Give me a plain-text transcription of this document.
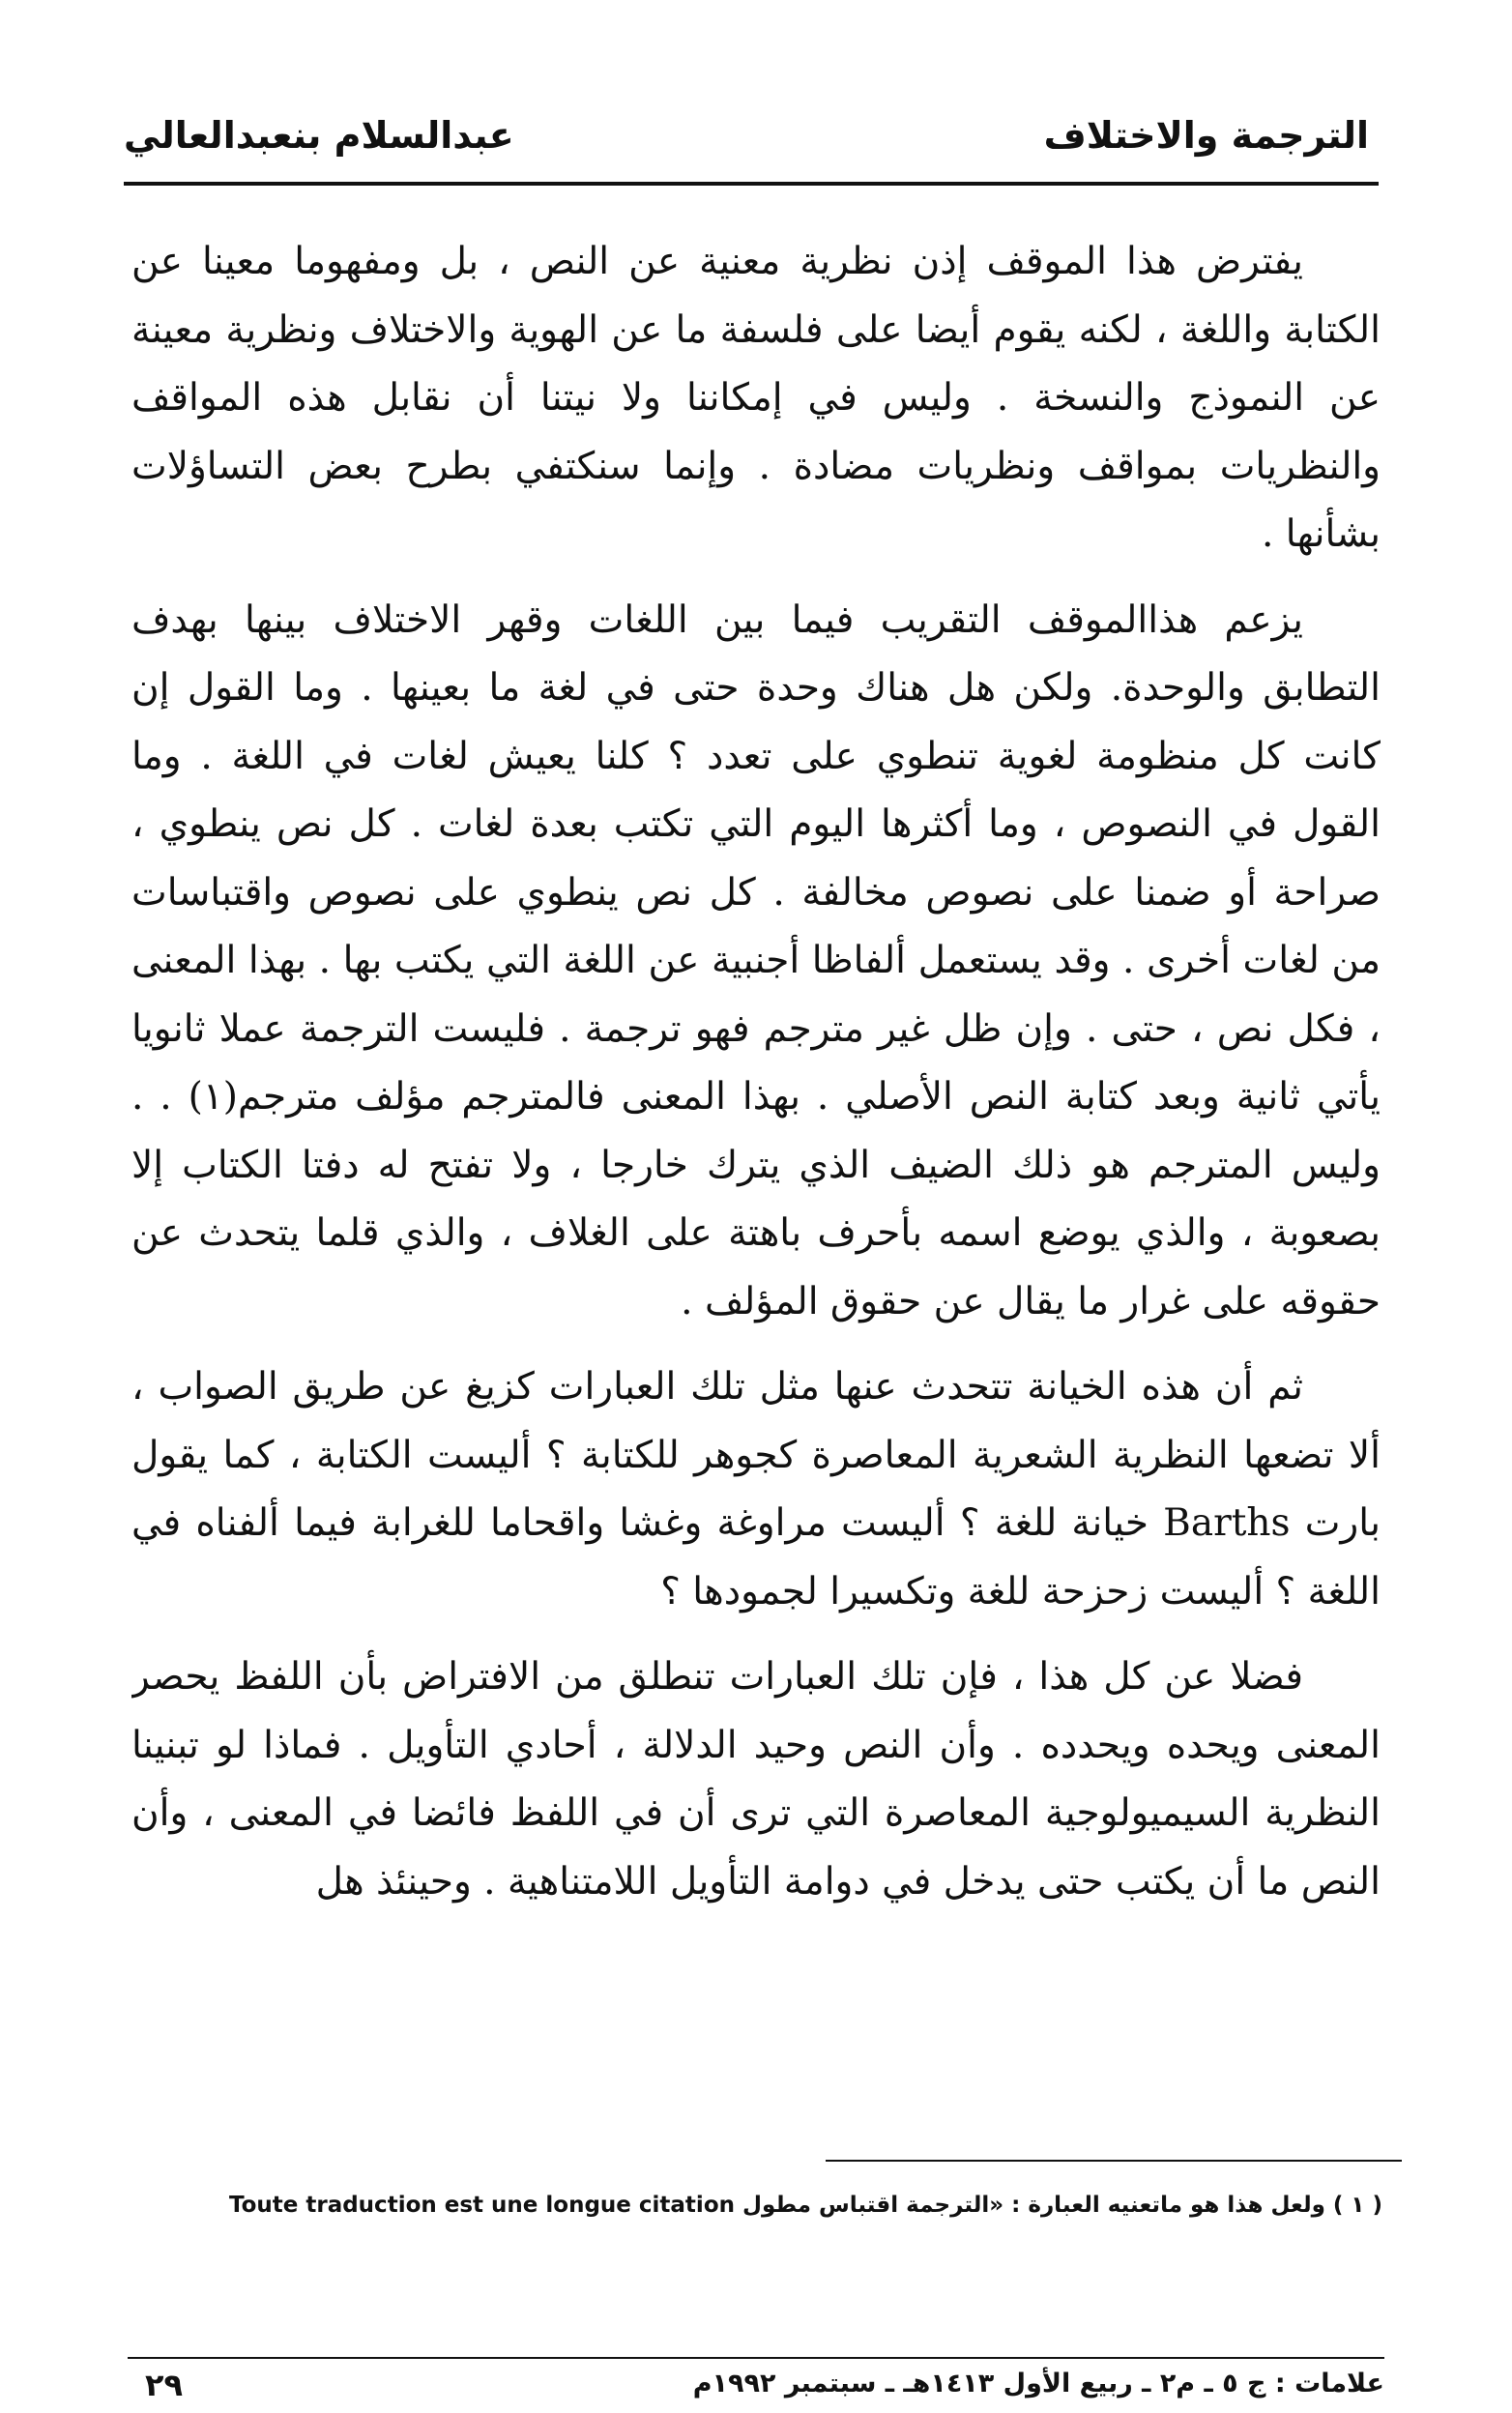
الترجمة والاختلاف
عبدالسلام بنعبدالعالي

يفترض هذا الموقف إذن نظرية معنية عن النص ، بل ومفهوما معينا عن الكتابة واللغة ، لكنه يقوم أيضا على فلسفة ما عن الهوية والاختلاف ونظرية معينة عن النموذج والنسخة . وليس في إمكاننا ولا نيتنا أن نقابل هذه المواقف والنظريات بمواقف ونظريات مضادة . وإنما سنكتفي بطرح بعض التساؤلات بشأنها .

يزعم هذاالموقف التقريب فيما بين اللغات وقهر الاختلاف بينها بهدف التطابق والوحدة. ولكن هل هناك وحدة حتى في لغة ما بعينها . وما القول إن كانت كل منظومة لغوية تنطوي على تعدد ؟ كلنا يعيش لغات في اللغة . وما القول في النصوص ، وما أكثرها اليوم التي تكتب بعدة لغات . كل نص ينطوي ، صراحة أو ضمنا على نصوص مخالفة . كل نص ينطوي على نصوص واقتباسات من لغات أخرى . وقد يستعمل ألفاظا أجنبية عن اللغة التي يكتب بها . بهذا المعنى ، فكل نص ، حتى . وإن ظل غير مترجم فهو ترجمة . فليست الترجمة عملا ثانويا يأتي ثانية وبعد كتابة النص الأصلي . بهذا المعنى فالمترجم مؤلف مترجم(١) . . وليس المترجم هو ذلك الضيف الذي يترك خارجا ، ولا تفتح له دفتا الكتاب إلا بصعوبة ، والذي يوضع اسمه بأحرف باهتة على الغلاف ، والذي قلما يتحدث عن حقوقه على غرار ما يقال عن حقوق المؤلف .

ثم أن هذه الخيانة تتحدث عنها مثل تلك العبارات كزيغ عن طريق الصواب ، ألا تضعها النظرية الشعرية المعاصرة كجوهر للكتابة ؟ أليست الكتابة ، كما يقول بارت Barths خيانة للغة ؟ أليست مراوغة وغشا واقحاما للغرابة فيما ألفناه في اللغة ؟ أليست زحزحة للغة وتكسيرا لجمودها ؟

فضلا عن كل هذا ، فإن تلك العبارات تنطلق من الافتراض بأن اللفظ يحصر المعنى ويحده ويحدده . وأن النص وحيد الدلالة ، أحادي التأويل . فماذا لو تبنينا النظرية السيميولوجية المعاصرة التي ترى أن في اللفظ فائضا في المعنى ، وأن النص ما أن يكتب حتى يدخل في دوامة التأويل اللامتناهية . وحينئذ هل

( ١ ) ولعل هذا هو ماتعنيه العبارة : «الترجمة اقتباس مطول Toute traduction est une longue citation
علامات : ج ٥ ـ م٢ ـ ربيع الأول ١٤١٣هـ ـ سبتمبر ١٩٩٢م
٢٩
